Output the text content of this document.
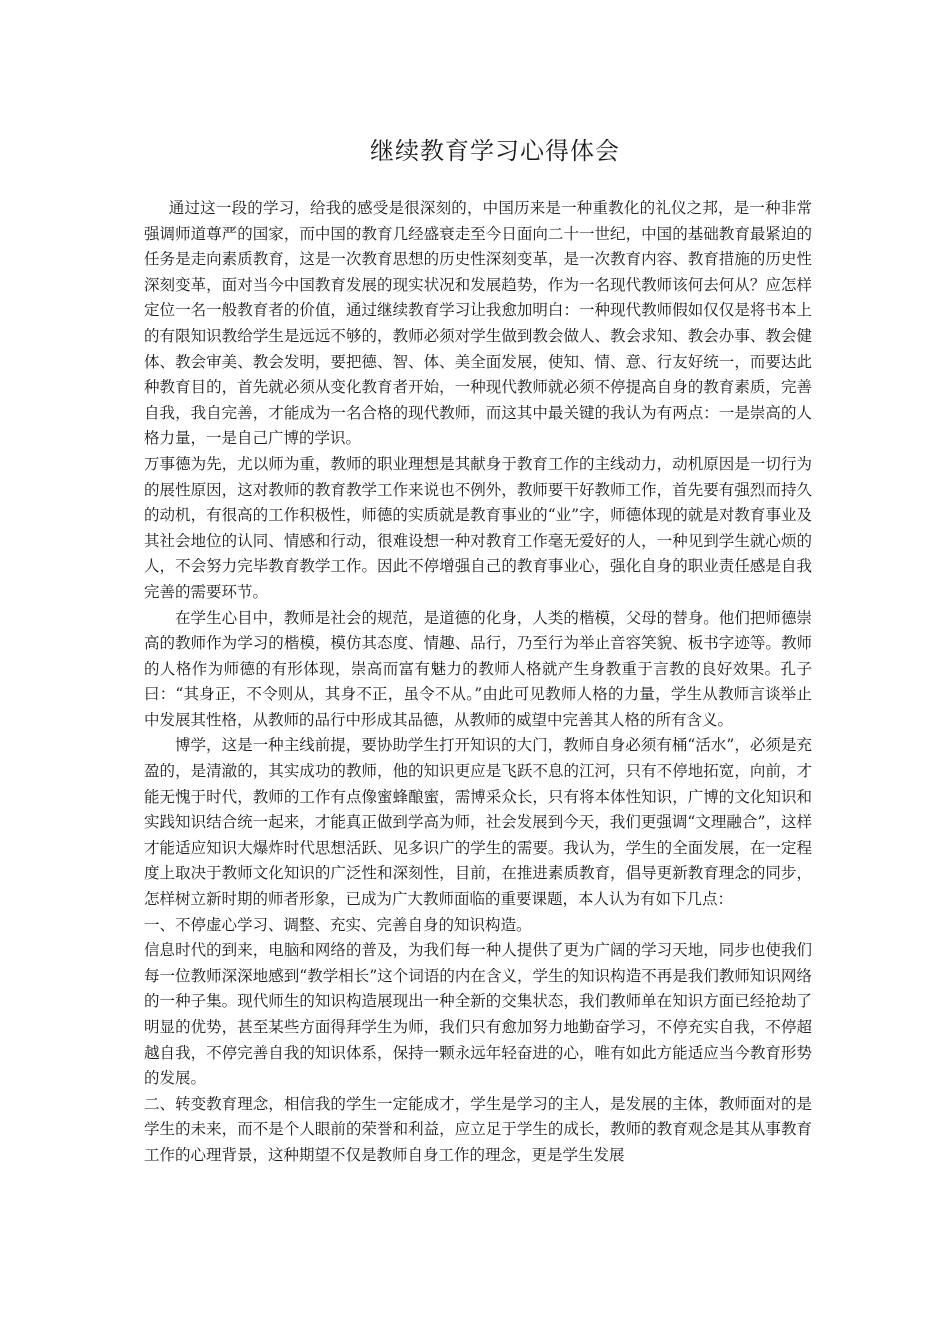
继续教育学习心得体会

通过这一段的学习，给我的感受是很深刻的，中国历来是一种重教化的礼仪之邦，是一种非常强调师道尊严的国家，而中国的教育几经盛衰走至今日面向二十一世纪，中国的基础教育最紧迫的任务是走向素质教育，这是一次教育思想的历史性深刻变革，是一次教育内容、教育措施的历史性深刻变革，面对当今中国教育发展的现实状况和发展趋势，作为一名现代教师该何去何从？应怎样定位一名一般教育者的价值，通过继续教育学习让我愈加明白：一种现代教师假如仅仅是将书本上的有限知识教给学生是远远不够的，教师必须对学生做到教会做人、教会求知、教会办事、教会健体、教会审美、教会发明，要把德、智、体、美全面发展，使知、情、意、行友好统一，而要达此种教育目的，首先就必须从变化教育者开始，一种现代教师就必须不停提高自身的教育素质，完善自我，我自完善，才能成为一名合格的现代教师，而这其中最关键的我认为有两点：一是崇高的人格力量，一是自己广博的学识。

万事德为先，尤以师为重，教师的职业理想是其献身于教育工作的主线动力，动机原因是一切行为的展性原因，这对教师的教育教学工作来说也不例外，教师要干好教师工作，首先要有强烈而持久的动机，有很高的工作积极性，师德的实质就是教育事业的“业”字，师德体现的就是对教育事业及其社会地位的认同、情感和行动，很难设想一种对教育工作毫无爱好的人，一种见到学生就心烦的人，不会努力完毕教育教学工作。因此不停增强自己的教育事业心，强化自身的职业责任感是自我完善的需要环节。

在学生心目中，教师是社会的规范，是道德的化身，人类的楷模，父母的替身。他们把师德崇高的教师作为学习的楷模，模仿其态度、情趣、品行，乃至行为举止音容笑貌、板书字迹等。教师的人格作为师德的有形体现，崇高而富有魅力的教师人格就产生身教重于言教的良好效果。孔子曰：“其身正，不令则从，其身不正，虽令不从。”由此可见教师人格的力量，学生从教师言谈举止中发展其性格，从教师的品行中形成其品德，从教师的威望中完善其人格的所有含义。

博学，这是一种主线前提，要协助学生打开知识的大门，教师自身必须有桶“活水”，必须是充盈的，是清澈的，其实成功的教师，他的知识更应是飞跃不息的江河，只有不停地拓宽，向前，才能无愧于时代，教师的工作有点像蜜蜂酿蜜，需博采众长，只有将本体性知识，广博的文化知识和实践知识结合统一起来，才能真正做到学高为师，社会发展到今天，我们更强调“文理融合”，这样才能适应知识大爆炸时代思想活跃、见多识广的学生的需要。我认为，学生的全面发展，在一定程度上取决于教师文化知识的广泛性和深刻性，目前，在推进素质教育，倡导更新教育理念的同步，怎样树立新时期的师者形象，已成为广大教师面临的重要课题，本人认为有如下几点：

一、不停虚心学习、调整、充实、完善自身的知识构造。

信息时代的到来，电脑和网络的普及，为我们每一种人提供了更为广阔的学习天地，同步也使我们每一位教师深深地感到“教学相长”这个词语的内在含义，学生的知识构造不再是我们教师知识网络的一种子集。现代师生的知识构造展现出一种全新的交集状态，我们教师单在知识方面已经抢劫了明显的优势，甚至某些方面得拜学生为师，我们只有愈加努力地勤奋学习，不停充实自我，不停超越自我，不停完善自我的知识体系，保持一颗永远年轻奋进的心，唯有如此方能适应当今教育形势的发展。

二、转变教育理念，相信我的学生一定能成才，学生是学习的主人，是发展的主体，教师面对的是学生的未来，而不是个人眼前的荣誉和利益，应立足于学生的成长，教师的教育观念是其从事教育工作的心理背景，这种期望不仅是教师自身工作的理念，更是学生发展
